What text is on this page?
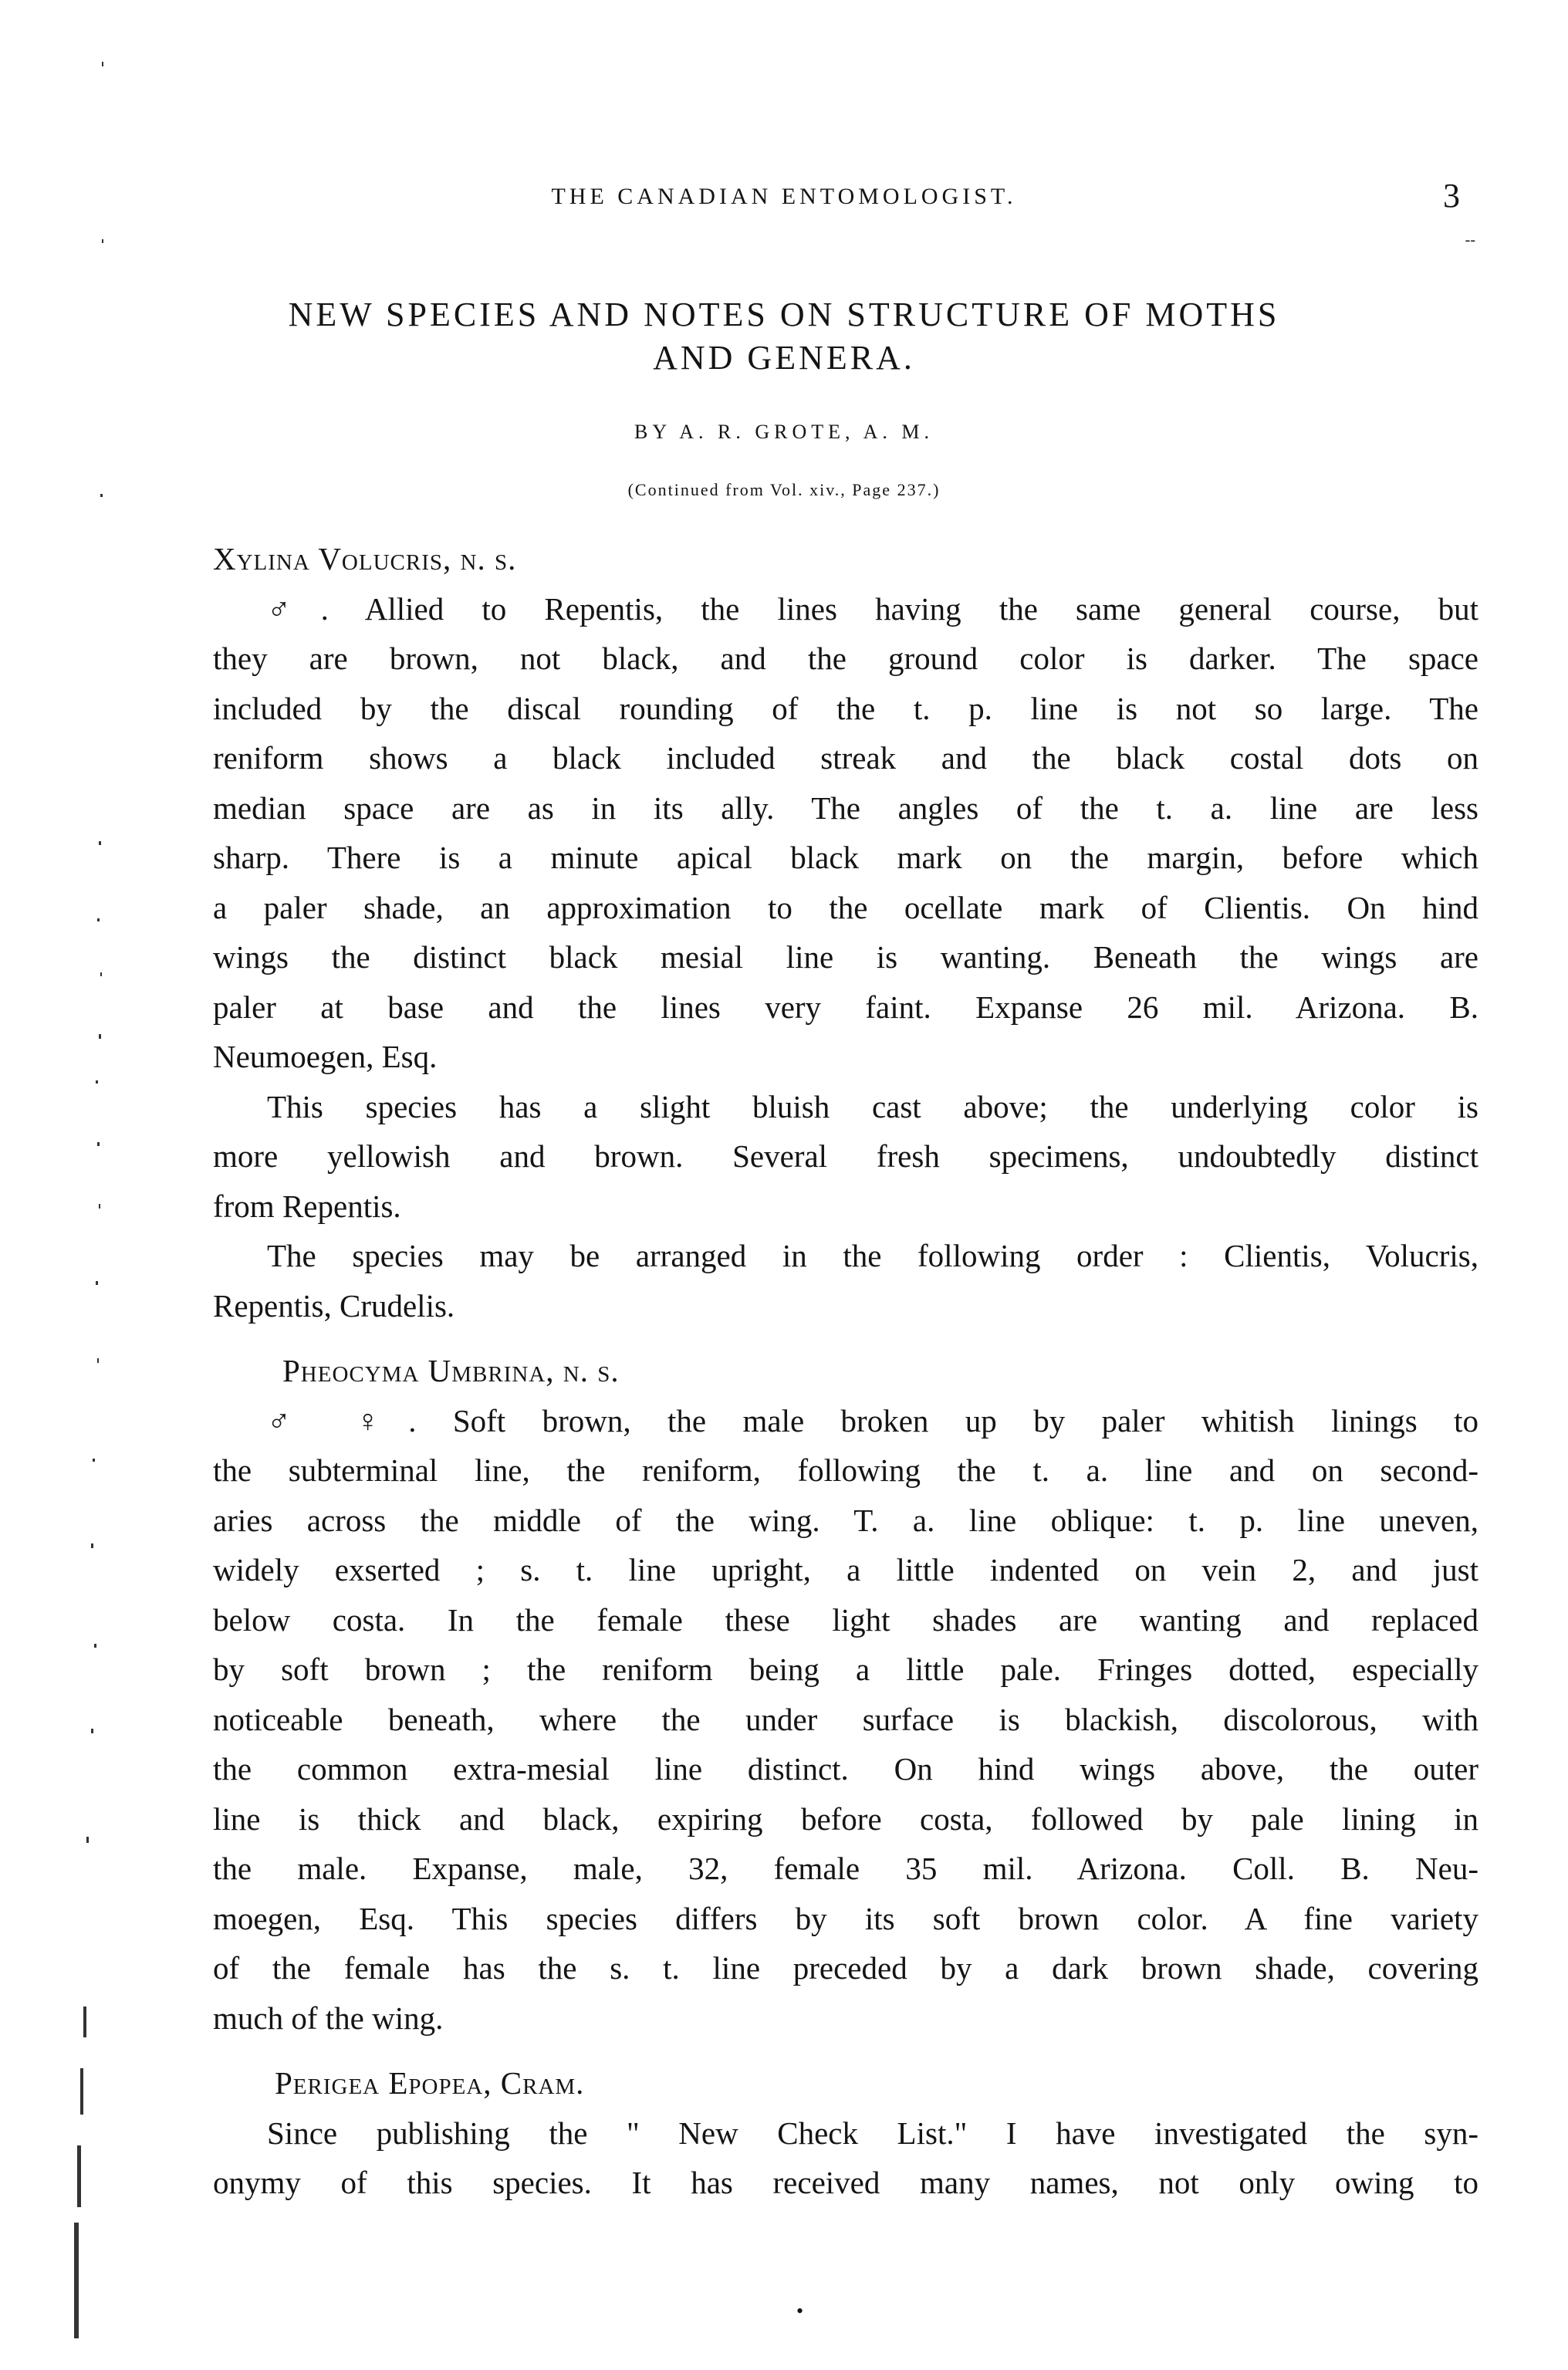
THE CANADIAN ENTOMOLOGIST.	3
--
NEW SPECIES AND NOTES ON STRUCTURE OF MOTHS
AND GENERA.
BY A. R. GROTE, A. M.
(Continued from Vol. xiv., Page 237.)
Xylina Volucris, n. s.
♂. Allied to Repentis, the lines having the same general course, but
they are brown, not black, and the ground color is darker. The space
included by the discal rounding of the t. p. line is not so large. The
reniform shows a black included streak and the black costal dots on
median space are as in its ally. The angles of the t. a. line are less
sharp. There is a minute apical black mark on the margin, before which
a paler shade, an approximation to the ocellate mark of Clientis. On hind
wings the distinct black mesial line is wanting. Beneath the wings are
paler at base and the lines very faint. Expanse 26 mil. Arizona. B.
Neumoegen, Esq.
This species has a slight bluish cast above; the underlying color is
more yellowish and brown. Several fresh specimens, undoubtedly distinct
from Repentis.
The species may be arranged in the following order : Clientis, Volucris,
Repentis, Crudelis.
Pheocyma Umbrina, n. s.
♂ ♀. Soft brown, the male broken up by paler whitish linings to
the subterminal line, the reniform, following the t. a. line and on second-
aries across the middle of the wing. T. a. line oblique: t. p. line uneven,
widely exserted ; s. t. line upright, a little indented on vein 2, and just
below costa. In the female these light shades are wanting and replaced
by soft brown ; the reniform being a little pale. Fringes dotted, especially
noticeable beneath, where the under surface is blackish, discolorous, with
the common extra-mesial line distinct. On hind wings above, the outer
line is thick and black, expiring before costa, followed by pale lining in
the male. Expanse, male, 32, female 35 mil. Arizona. Coll. B. Neu-
moegen, Esq. This species differs by its soft brown color. A fine variety
of the female has the s. t. line preceded by a dark brown shade, covering
much of the wing.
Perigea Epopea, Cram.
Since publishing the " New Check List." I have investigated the syn-
onymy of this species. It has received many names, not only owing to
•
